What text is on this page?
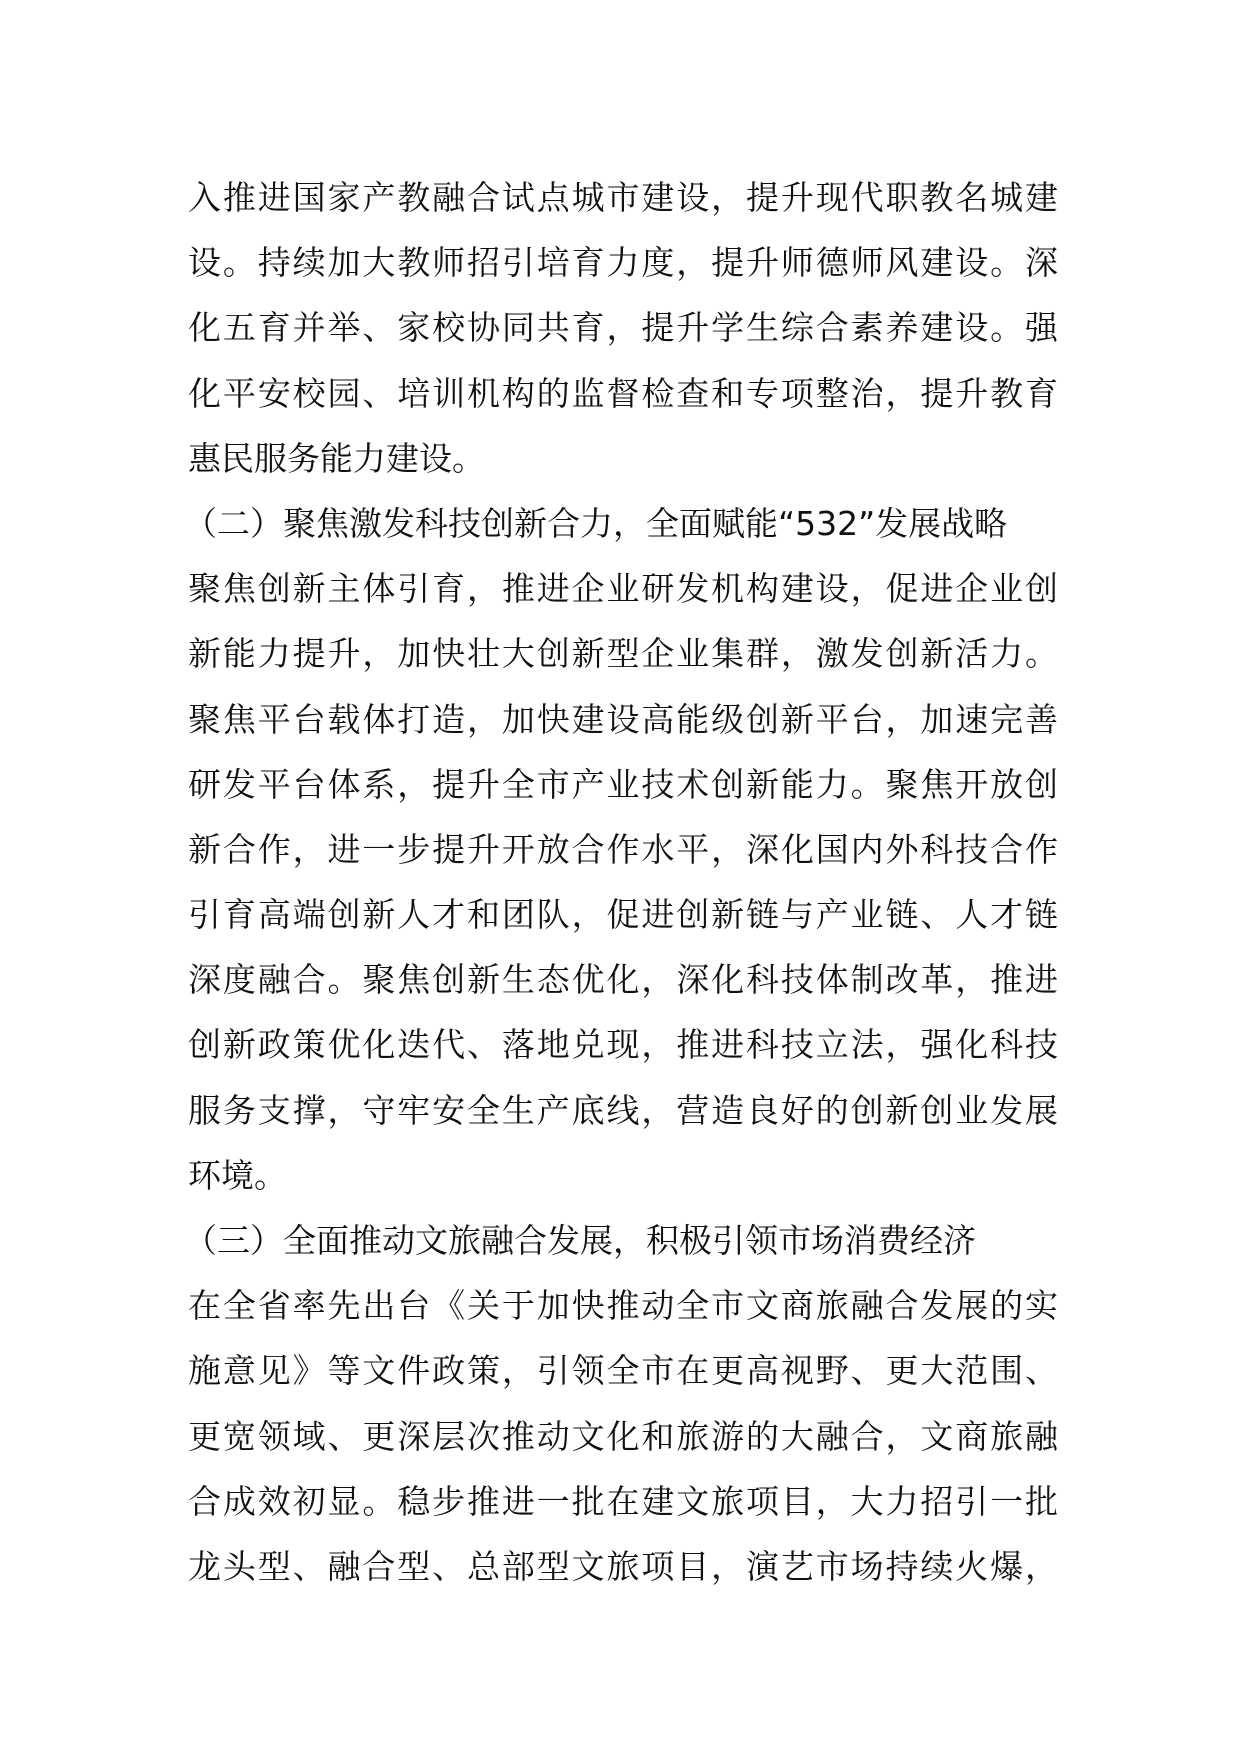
入推进国家产教融合试点城市建设，提升现代职教名城建
设。持续加大教师招引培育力度，提升师德师风建设。深
化五育并举、家校协同共育，提升学生综合素养建设。强
化平安校园、培训机构的监督检查和专项整治，提升教育
惠民服务能力建设。
（二）聚焦激发科技创新合力，全面赋能“532”发展战略
聚焦创新主体引育，推进企业研发机构建设，促进企业创
新能力提升，加快壮大创新型企业集群，激发创新活力。
聚焦平台载体打造，加快建设高能级创新平台，加速完善
研发平台体系，提升全市产业技术创新能力。聚焦开放创
新合作，进一步提升开放合作水平，深化国内外科技合作
引育高端创新人才和团队，促进创新链与产业链、人才链
深度融合。聚焦创新生态优化，深化科技体制改革，推进
创新政策优化迭代、落地兑现，推进科技立法，强化科技
服务支撑，守牢安全生产底线，营造良好的创新创业发展
环境。
（三）全面推动文旅融合发展，积极引领市场消费经济
在全省率先出台《关于加快推动全市文商旅融合发展的实
施意见》等文件政策，引领全市在更高视野、更大范围、
更宽领域、更深层次推动文化和旅游的大融合，文商旅融
合成效初显。稳步推进一批在建文旅项目，大力招引一批
龙头型、融合型、总部型文旅项目，演艺市场持续火爆，
